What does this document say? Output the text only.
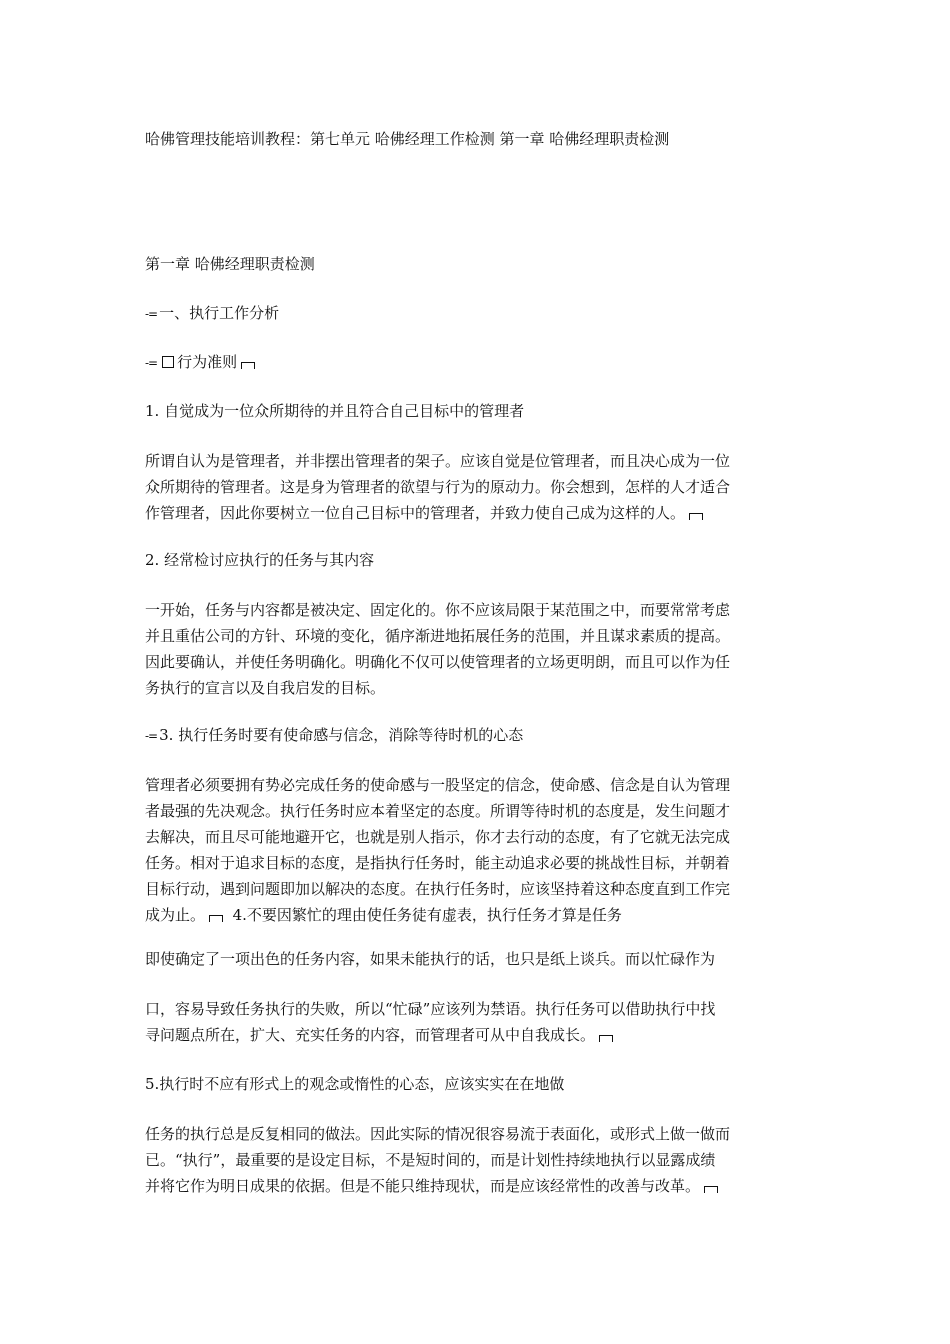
哈佛管理技能培训教程：第七单元 哈佛经理工作检测 第一章 哈佛经理职责检测
第一章 哈佛经理职责检测
-= 一、执行工作分析
-= 行为准则
1. 自觉成为一位众所期待的并且符合自己目标中的管理者
所谓自认为是管理者，并非摆出管理者的架子。应该自觉是位管理者，而且决心成为一位
众所期待的管理者。这是身为管理者的欲望与行为的原动力。你会想到，怎样的人才适合
作管理者，因此你要树立一位自己目标中的管理者，并致力使自己成为这样的人。
2. 经常检讨应执行的任务与其内容
一开始，任务与内容都是被决定、固定化的。你不应该局限于某范围之中，而要常常考虑
并且重估公司的方针、环境的变化，循序渐进地拓展任务的范围，并且谋求素质的提高。
因此要确认，并使任务明确化。明确化不仅可以使管理者的立场更明朗，而且可以作为任
务执行的宣言以及自我启发的目标。
-= 3. 执行任务时要有使命感与信念，消除等待时机的心态
管理者必须要拥有势必完成任务的使命感与一股坚定的信念，使命感、信念是自认为管理
者最强的先决观念。执行任务时应本着坚定的态度。所谓等待时机的态度是，发生问题才
去解决，而且尽可能地避开它，也就是别人指示，你才去行动的态度，有了它就无法完成
任务。相对于追求目标的态度，是指执行任务时，能主动追求必要的挑战性目标，并朝着
目标行动，遇到问题即加以解决的态度。在执行任务时，应该坚持着这种态度直到工作完
成为止。 4.不要因繁忙的理由使任务徒有虚表，执行任务才算是任务
即使确定了一项出色的任务内容，如果未能执行的话，也只是纸上谈兵。而以忙碌作为
口，容易导致任务执行的失败，所以“忙碌”应该列为禁语。执行任务可以借助执行中找
寻问题点所在，扩大、充实任务的内容，而管理者可从中自我成长。
5.执行时不应有形式上的观念或惰性的心态，应该实实在在地做
任务的执行总是反复相同的做法。因此实际的情况很容易流于表面化，或形式上做一做而
已。“执行”，最重要的是设定目标，不是短时间的，而是计划性持续地执行以显露成绩
并将它作为明日成果的依据。但是不能只维持现状，而是应该经常性的改善与改革。
